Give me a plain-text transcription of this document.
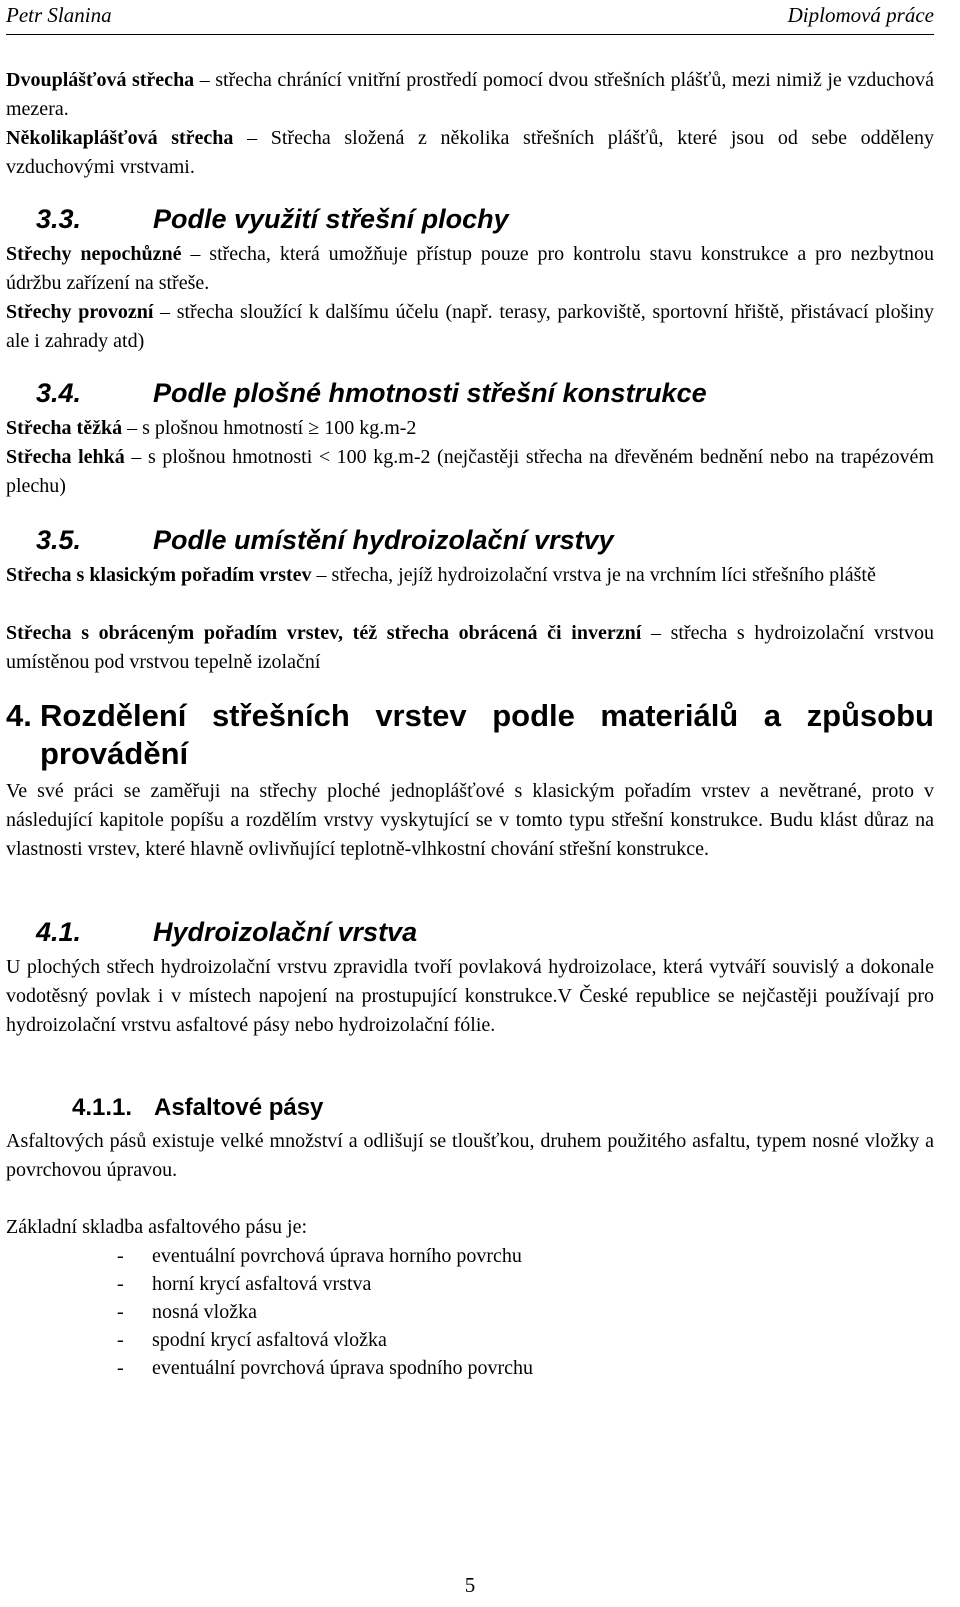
Petr Slanina	Diplomová práce

Dvouplášťová střecha – střecha chránící vnitřní prostředí pomocí dvou střešních plášťů, mezi nimiž je vzduchová mezera.

Několikaplášťová střecha – Střecha složená z několika střešních plášťů, které jsou od sebe odděleny vzduchovými vrstvami.

3.3.	Podle využití střešní plochy

Střechy nepochůzné – střecha, která umožňuje přístup pouze pro kontrolu stavu konstrukce a pro nezbytnou údržbu zařízení na střeše.

Střechy provozní – střecha sloužící k dalšímu účelu (např. terasy, parkoviště, sportovní hřiště, přistávací plošiny ale i zahrady atd)

3.4.	Podle plošné hmotnosti střešní konstrukce

Střecha těžká – s plošnou hmotností ≥ 100 kg.m-2

Střecha lehká – s plošnou hmotnosti < 100 kg.m-2 (nejčastěji střecha na dřevěném bednění nebo na trapézovém plechu)

3.5.	Podle umístění hydroizolační vrstvy

Střecha s klasickým pořadím vrstev – střecha, jejíž hydroizolační vrstva je na vrchním líci střešního pláště

Střecha s obráceným pořadím vrstev, též střecha obrácená či inverzní – střecha s hydroizolační vrstvou umístěnou pod vrstvou tepelně izolační

4. Rozdělení střešních vrstev podle materiálů a způsobu provádění

Ve své práci se zaměřuji na střechy ploché jednoplášťové s klasickým pořadím vrstev a nevětrané, proto v následující kapitole popíšu a rozdělím vrstvy vyskytující se v tomto typu střešní konstrukce. Budu klást důraz na vlastnosti vrstev, které hlavně ovlivňující teplotně-vlhkostní chování střešní konstrukce.

4.1.	Hydroizolační vrstva

U plochých střech hydroizolační vrstvu zpravidla tvoří povlaková hydroizolace, která vytváří souvislý a dokonale vodotěsný povlak i v místech napojení na prostupující konstrukce.V České republice se nejčastěji používají pro hydroizolační vrstvu asfaltové pásy nebo hydroizolační fólie.

4.1.1. Asfaltové pásy

Asfaltových pásů existuje velké množství a odlišují se tloušťkou, druhem použitého asfaltu, typem nosné vložky a povrchovou úpravou.

Základní skladba asfaltového pásu je:

-	eventuální povrchová úprava horního povrchu
-	horní krycí asfaltová vrstva
-	nosná vložka
-	spodní krycí asfaltová vložka
-	eventuální povrchová úprava spodního povrchu
5
